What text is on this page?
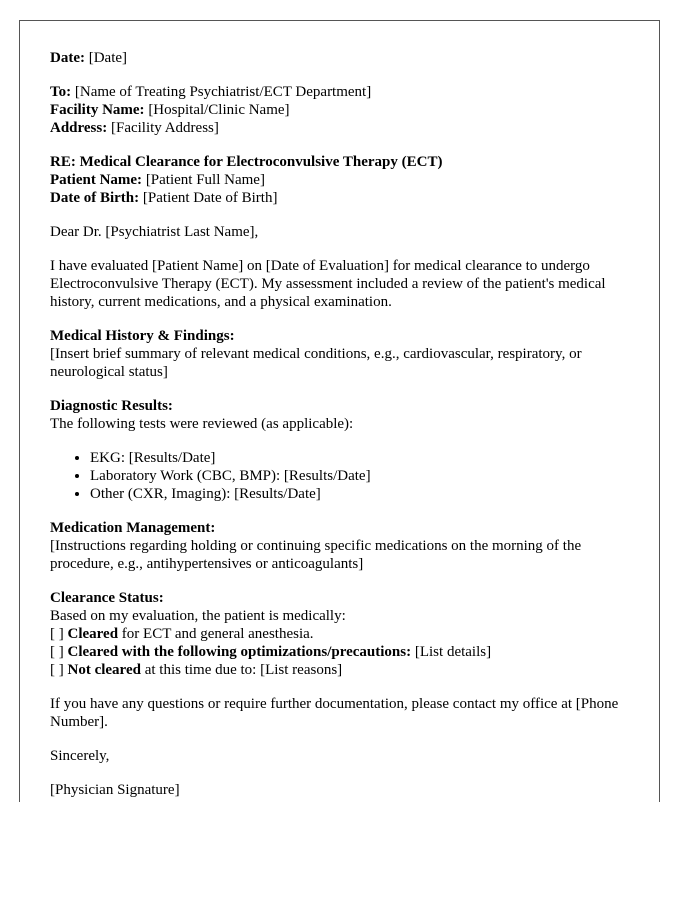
Date: [Date]

To: [Name of Treating Psychiatrist/ECT Department]
Facility Name: [Hospital/Clinic Name]
Address: [Facility Address]

RE: Medical Clearance for Electroconvulsive Therapy (ECT)
Patient Name: [Patient Full Name]
Date of Birth: [Patient Date of Birth]

Dear Dr. [Psychiatrist Last Name],

I have evaluated [Patient Name] on [Date of Evaluation] for medical clearance to undergo Electroconvulsive Therapy (ECT). My assessment included a review of the patient's medical history, current medications, and a physical examination.

Medical History & Findings:
[Insert brief summary of relevant medical conditions, e.g., cardiovascular, respiratory, or neurological status]

Diagnostic Results:
The following tests were reviewed (as applicable):

• EKG: [Results/Date]
• Laboratory Work (CBC, BMP): [Results/Date]
• Other (CXR, Imaging): [Results/Date]

Medication Management:
[Instructions regarding holding or continuing specific medications on the morning of the procedure, e.g., antihypertensives or anticoagulants]

Clearance Status:
Based on my evaluation, the patient is medically:
[ ] Cleared for ECT and general anesthesia.
[ ] Cleared with the following optimizations/precautions: [List details]
[ ] Not cleared at this time due to: [List reasons]

If you have any questions or require further documentation, please contact my office at [Phone Number].

Sincerely,

[Physician Signature]
